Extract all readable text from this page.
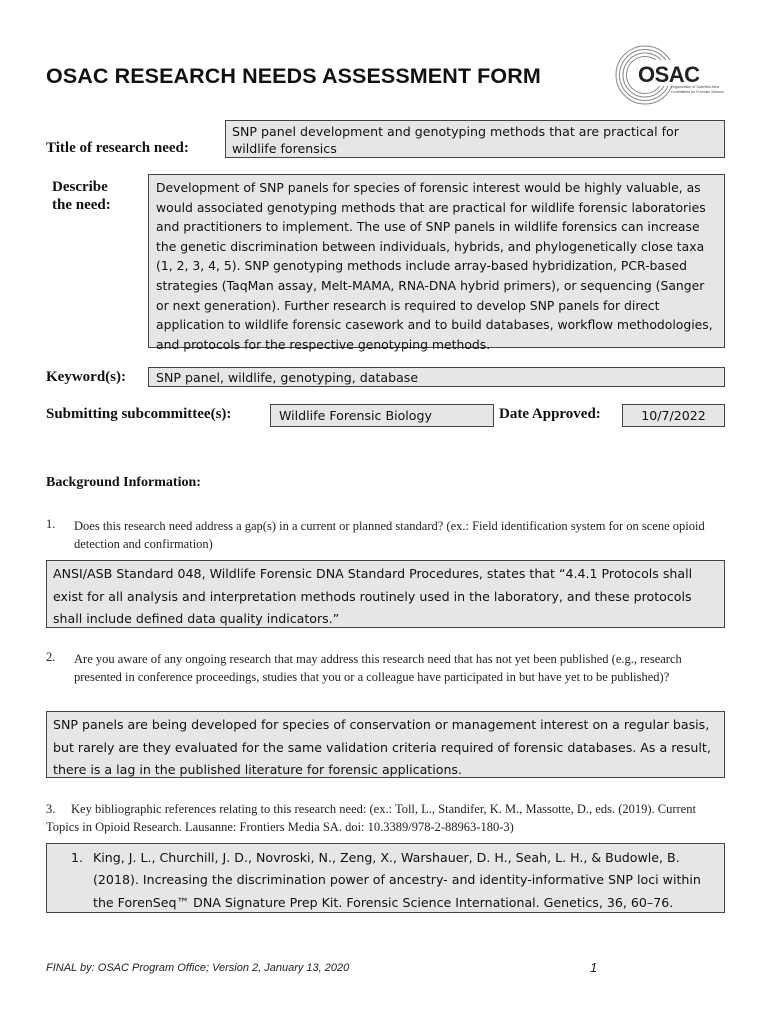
OSAC RESEARCH NEEDS ASSESSMENT FORM	OSAC
Organization of Scientific Area
Committees for Forensic Science
Title of research need:
SNP panel development and genotyping methods that are practical for wildlife forensics
Describe
the need:
Development of SNP panels for species of forensic interest would be highly valuable, as would associated genotyping methods that are practical for wildlife forensic laboratories and practitioners to implement. The use of SNP panels in wildlife forensics can increase the genetic discrimination between individuals, hybrids, and phylogenetically close taxa (1, 2, 3, 4, 5). SNP genotyping methods include array-based hybridization, PCR-based strategies (TaqMan assay, Melt-MAMA, RNA-DNA hybrid primers), or sequencing (Sanger or next generation). Further research is required to develop SNP panels for direct application to wildlife forensic casework and to build databases, workflow methodologies, and protocols for the respective genotyping methods.
Keyword(s):	SNP panel, wildlife, genotyping, database
Submitting subcommittee(s):	Wildlife Forensic Biology	Date Approved:	10/7/2022
Background Information:
1. Does this research need address a gap(s) in a current or planned standard? (ex.: Field identification system for on scene opioid detection and confirmation)
ANSI/ASB Standard 048, Wildlife Forensic DNA Standard Procedures, states that “4.4.1 Protocols shall exist for all analysis and interpretation methods routinely used in the laboratory, and these protocols shall include defined data quality indicators.”
2. Are you aware of any ongoing research that may address this research need that has not yet been published (e.g., research presented in conference proceedings, studies that you or a colleague have participated in but have yet to be published)?
SNP panels are being developed for species of conservation or management interest on a regular basis, but rarely are they evaluated for the same validation criteria required of forensic databases. As a result, there is a lag in the published literature for forensic applications.
3. Key bibliographic references relating to this research need: (ex.: Toll, L., Standifer, K. M., Massotte, D., eds. (2019). Current Topics in Opioid Research. Lausanne: Frontiers Media SA. doi: 10.3389/978-2-88963-180-3)
1. King, J. L., Churchill, J. D., Novroski, N., Zeng, X., Warshauer, D. H., Seah, L. H., & Budowle, B. (2018). Increasing the discrimination power of ancestry- and identity-informative SNP loci within the ForenSeq™ DNA Signature Prep Kit. Forensic Science International. Genetics, 36, 60–76.
FINAL by: OSAC Program Office; Version 2, January 13, 2020	1
